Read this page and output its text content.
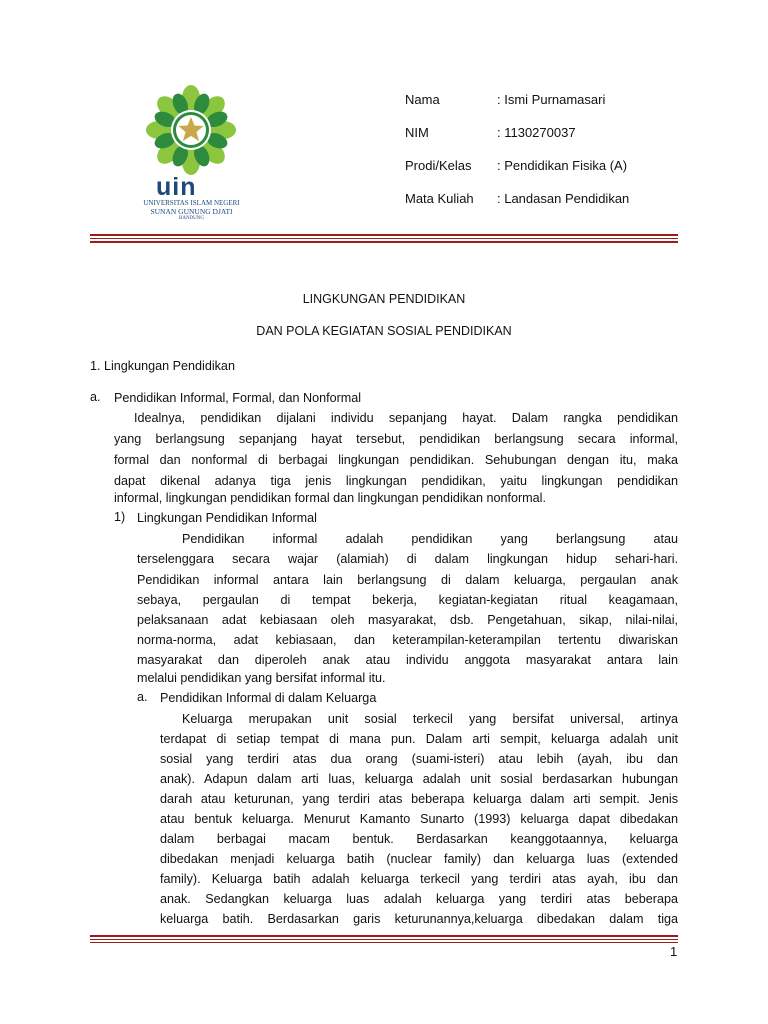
uin
UNIVERSITAS ISLAM NEGERI
SUNAN GUNUNG DJATI
BANDUNG
Nama	: Ismi Purnamasari
NIM	: 1130270037
Prodi/Kelas : Pendidikan Fisika (A)
Mata Kuliah : Landasan Pendidikan
LINGKUNGAN PENDIDIKAN
DAN POLA KEGIATAN SOSIAL PENDIDIKAN
1. Lingkungan Pendidikan
a. Pendidikan Informal, Formal, dan Nonformal
Idealnya, pendidikan dijalani individu sepanjang hayat. Dalam rangka pendidikan
yang berlangsung sepanjang hayat tersebut, pendidikan berlangsung secara informal,
formal dan nonformal di berbagai lingkungan pendidikan. Sehubungan dengan itu, maka
dapat dikenal adanya tiga jenis lingkungan pendidikan, yaitu lingkungan pendidikan
informal, lingkungan pendidikan formal dan lingkungan pendidikan nonformal.
1) Lingkungan Pendidikan Informal
Pendidikan informal adalah pendidikan yang berlangsung atau
terselenggara secara wajar (alamiah) di dalam lingkungan hidup sehari-hari.
Pendidikan informal antara lain berlangsung di dalam keluarga, pergaulan anak
sebaya, pergaulan di tempat bekerja, kegiatan-kegiatan ritual keagamaan,
pelaksanaan adat kebiasaan oleh masyarakat, dsb. Pengetahuan, sikap, nilai-nilai,
norma-norma, adat kebiasaan, dan keterampilan-keterampilan tertentu diwariskan
masyarakat dan diperoleh anak atau individu anggota masyarakat antara lain
melalui pendidikan yang bersifat informal itu.
a. Pendidikan Informal di dalam Keluarga
Keluarga merupakan unit sosial terkecil yang bersifat universal, artinya
terdapat di setiap tempat di mana pun. Dalam arti sempit, keluarga adalah unit
sosial yang terdiri atas dua orang (suami-isteri) atau lebih (ayah, ibu dan
anak). Adapun dalam arti luas, keluarga adalah unit sosial berdasarkan hubungan
darah atau keturunan, yang terdiri atas beberapa keluarga dalam arti sempit. Jenis
atau bentuk keluarga. Menurut Kamanto Sunarto (1993) keluarga dapat dibedakan
dalam berbagai macam bentuk. Berdasarkan keanggotaannya, keluarga
dibedakan menjadi keluarga batih (nuclear family) dan keluarga luas (extended
family). Keluarga batih adalah keluarga terkecil yang terdiri atas ayah, ibu dan
anak. Sedangkan keluarga luas adalah keluarga yang terdiri atas beberapa
keluarga batih. Berdasarkan garis keturunannya,keluarga dibedakan dalam tiga
1
